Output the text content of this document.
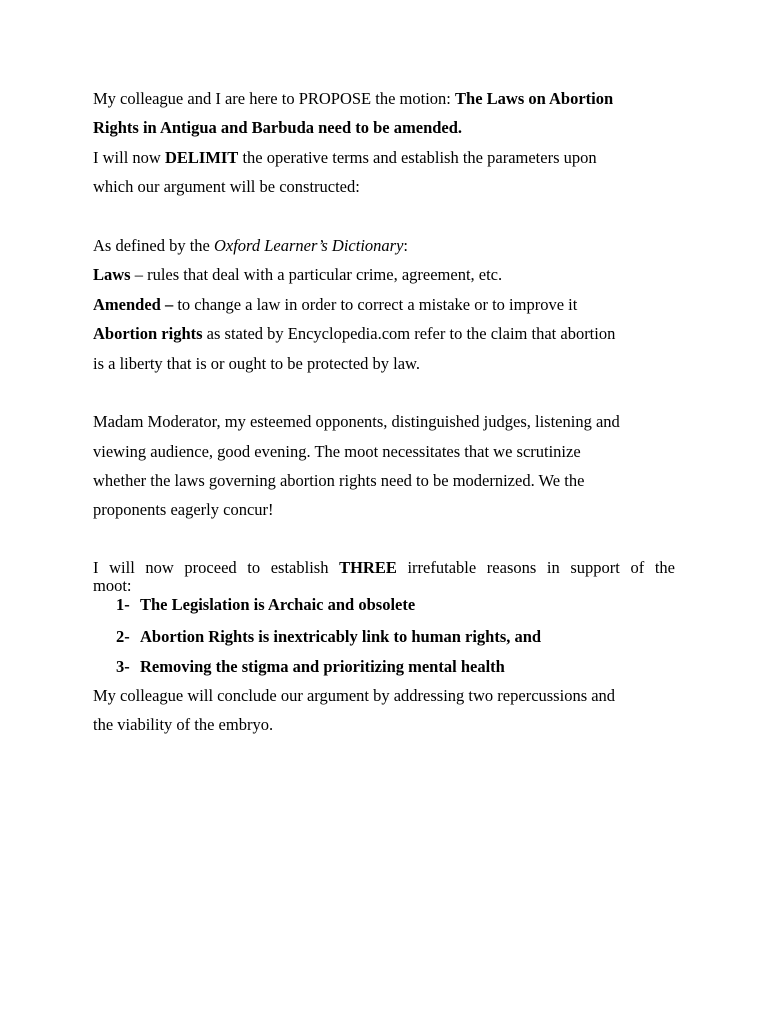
My colleague and I are here to PROPOSE the motion: The Laws on Abortion
Rights in Antigua and Barbuda need to be amended.
I will now DELIMIT the operative terms and establish the parameters upon
which our argument will be constructed:
As defined by the Oxford Learner’s Dictionary:
Laws – rules that deal with a particular crime, agreement, etc.
Amended – to change a law in order to correct a mistake or to improve it
Abortion rights as stated by Encyclopedia.com refer to the claim that abortion
is a liberty that is or ought to be protected by law.
Madam Moderator, my esteemed opponents, distinguished judges, listening and
viewing audience, good evening. The moot necessitates that we scrutinize
whether the laws governing abortion rights need to be modernized. We the
proponents eagerly concur!
I will now proceed to establish THREE irrefutable reasons in support of the
moot:
1- The Legislation is Archaic and obsolete
2- Abortion Rights is inextricably link to human rights, and
3- Removing the stigma and prioritizing mental health
My colleague will conclude our argument by addressing two repercussions and
the viability of the embryo.
